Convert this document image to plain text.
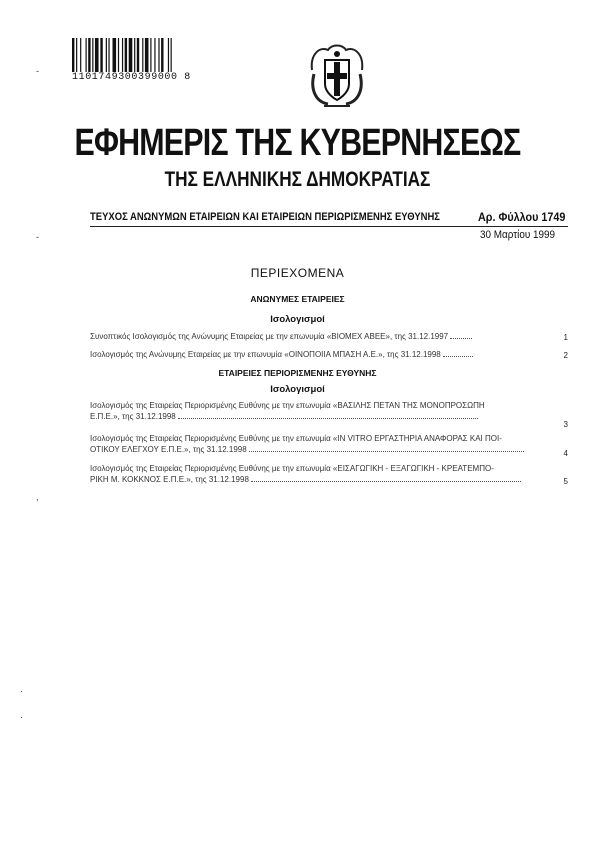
1101749300399000 8
ΕΦΗΜΕΡΙΣ ΤΗΣ ΚΥΒΕΡΝΗΣΕΩΣ
ΤΗΣ ΕΛΛΗΝΙΚΗΣ ΔΗΜΟΚΡΑΤΙΑΣ
ΤΕΥΧΟΣ ΑΝΩΝΥΜΩΝ ΕΤΑΙΡΕΙΩΝ ΚΑΙ ΕΤΑΙΡΕΙΩΝ ΠΕΡΙΩΡΙΣΜΕΝΗΣ ΕΥΘΥΝΗΣ	Αρ. Φύλλου 1749
30 Μαρτίου 1999
ΠΕΡΙΕΧΟΜΕΝΑ
ΑΝΩΝΥΜΕΣ ΕΤΑΙΡΕΙΕΣ
Ισολογισμοί
Συνοπτικός Ισολογισμός της Ανώνυμης Εταιρείας με την επωνυμία «ΒΙΟΜΕΧ ΑΒΕΕ», της 31.12.1997	1
Ισολογισμός της Ανώνυμης Εταιρείας με την επωνυμία «ΟΙΝΟΠΟΙΙΑ ΜΠΑΣΗ Α.Ε.», της 31.12.1998	2
ΕΤΑΙΡΕΙΕΣ ΠΕΡΙΟΡΙΣΜΕΝΗΣ ΕΥΘΥΝΗΣ
Ισολογισμοί
Ισολογισμός της Εταιρείας Περιορισμένης Ευθύνης με την επωνυμία «ΒΑΣΙΛΗΣ ΠΕΤΑΝ ΤΗΣ ΜΟΝΟΠΡΟΣΩΠΗ
Ε.Π.Ε.», της 31.12.1998
3
Ισολογισμός της Εταιρείας Περιορισμένης Ευθύνης με την επωνυμία «IN VITRO ΕΡΓΑΣΤΗΡΙΑ ΑΝΑΦΟΡΑΣ ΚΑΙ ΠΟΙ-
ΟΤΙΚΟΥ ΕΛΕΓΧΟΥ Ε.Π.Ε.», της 31.12.1998	4
Ισολογισμός της Εταιρείας Περιορισμένης Ευθύνης με την επωνυμία «ΕΙΣΑΓΩΓΙΚΗ - ΕΞΑΓΩΓΙΚΗ - ΚΡΕΑΤΕΜΠΟ-
ΡΙΚΗ Μ. ΚΟΚΚΝΟΣ Ε.Π.Ε.», της 31.12.1998	5
-
-
,
·
·
